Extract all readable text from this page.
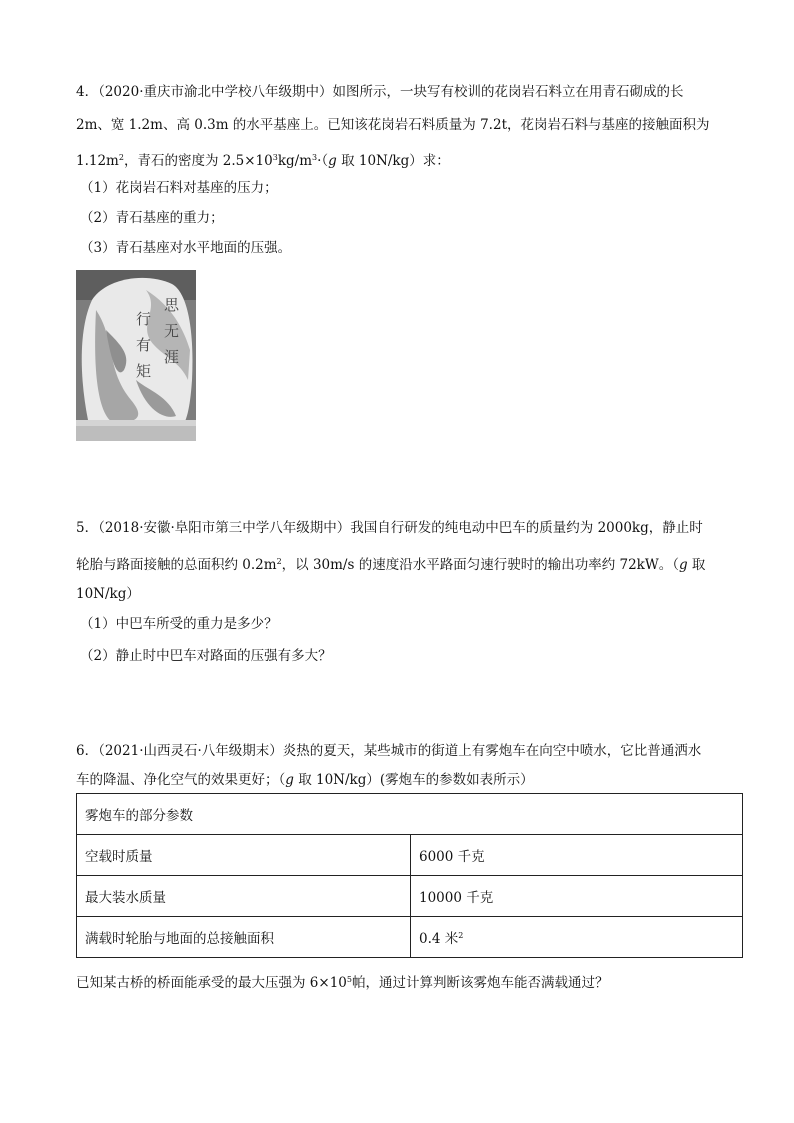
4．（2020·重庆市渝北中学校八年级期中）如图所示，一块写有校训的花岗岩石料立在用青石砌成的长
2m、宽 1.2m、高 0.3m 的水平基座上。已知该花岗岩石料质量为 7.2t，花岗岩石料与基座的接触面积为
$1.12m^2$，青石的密度为 $2.5\times 10^3kg/m^3\cdot(g$ 取 10N/kg）求：
（1）花岗岩石料对基座的压力；
（2）青石基座的重力；
（3）青石基座对水平地面的压强。
思
无
涯
行
有
矩
5．（2018·安徽·阜阳市第三中学八年级期中）我国自行研发的纯电动中巴车的质量约为 2000kg，静止时
轮胎与路面接触的总面积约 $0.2m^2$，以 30m/s 的速度沿水平路面匀速行驶时的输出功率约 72kW。（g 取
10N/kg）
（1）中巴车所受的重力是多少？
（2）静止时中巴车对路面的压强有多大？
6．（2021·山西灵石·八年级期末）炎热的夏天，某些城市的街道上有雾炮车在向空中喷水，它比普通洒水
车的降温、净化空气的效果更好；（g 取 10N/kg）(雾炮车的参数如表所示）
雾炮车的部分参数	
空载时质量	6000 千克
最大装水质量	10000 千克
满载时轮胎与地面的总接触面积	0.4 米$^2$
已知某古桥的桥面能承受的最大压强为 $6\times 10^5$帕，通过计算判断该雾炮车能否满载通过？
